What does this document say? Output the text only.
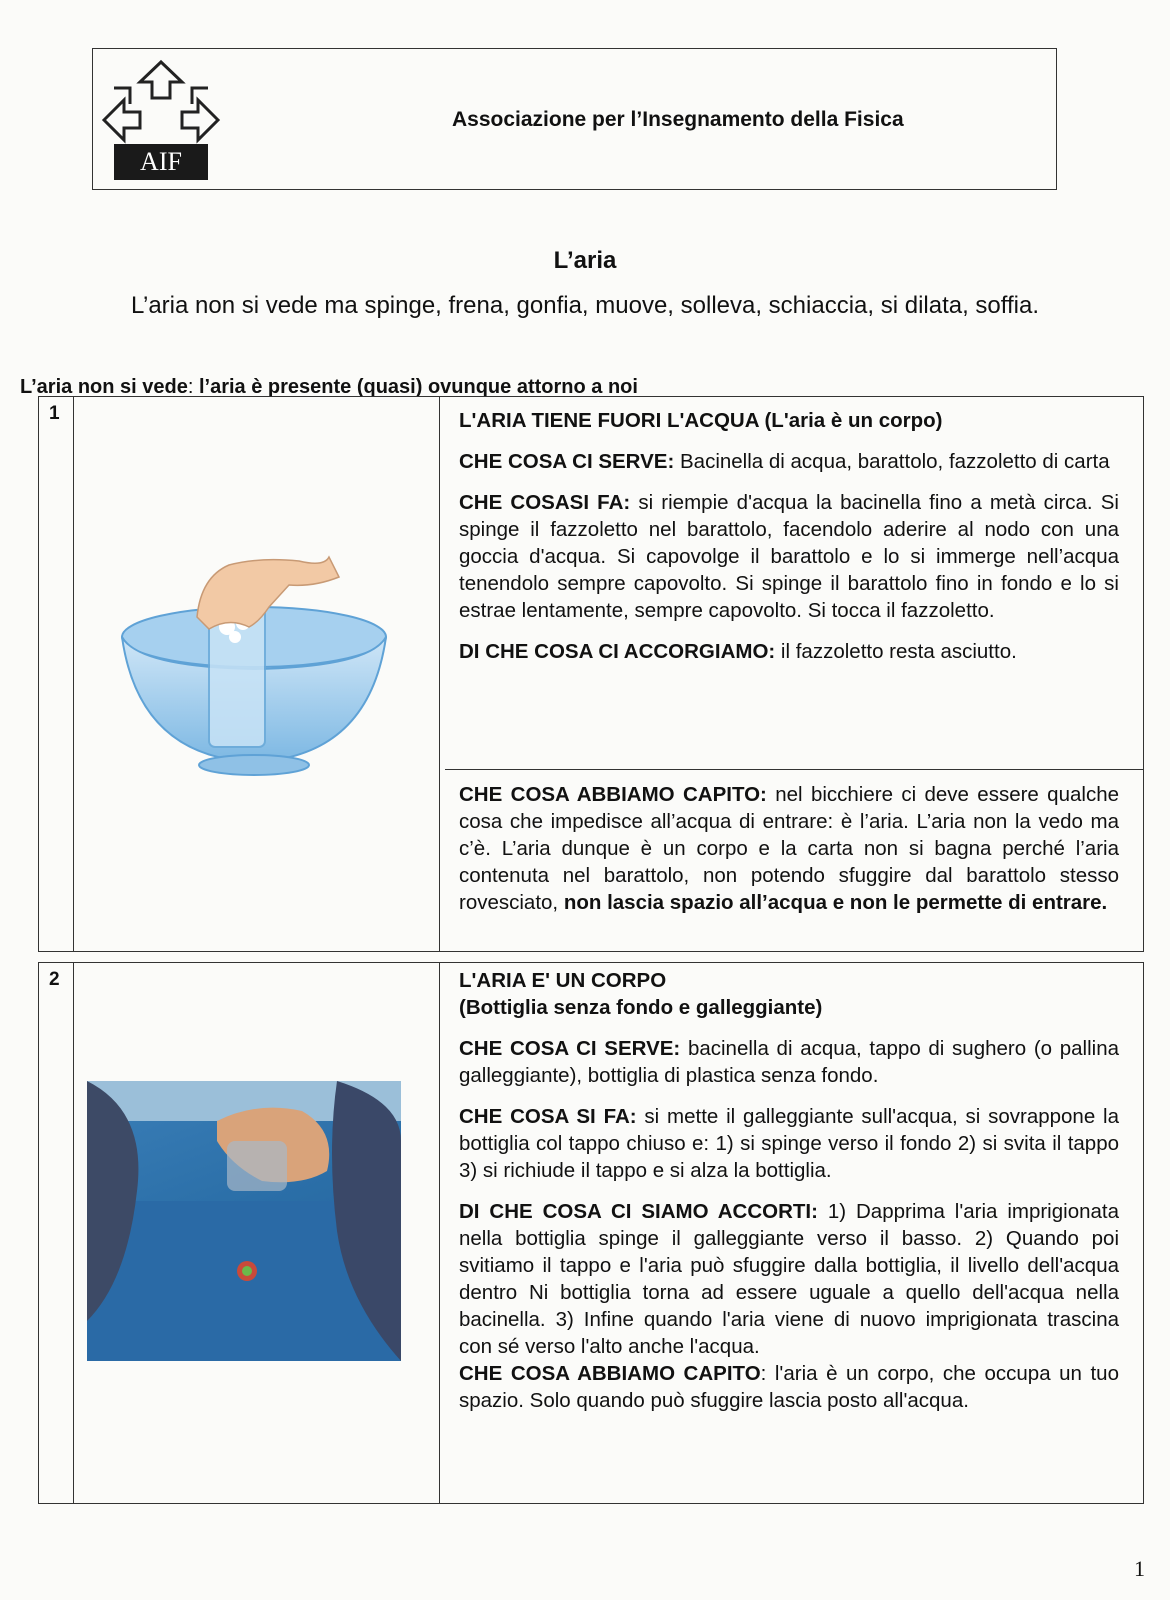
AIF
Associazione per l’Insegnamento della Fisica
L’aria
L’aria non si vede ma spinge, frena, gonfia, muove, solleva, schiaccia, si dilata, soffia.
L’aria non si vede: l’aria è presente (quasi) ovunque attorno a noi
1	L'ARIA TIENE FUORI L'ACQUA (L'aria è un corpo)

CHE COSA CI SERVE: Bacinella di acqua, barattolo, fazzoletto di carta

CHE COSASI FA: si riempie d'acqua la bacinella fino a metà circa. Si spinge il fazzoletto nel barattolo, facendolo aderire al nodo con una goccia d'acqua. Si capovolge il barattolo e lo si immerge nell’acqua tenendolo sempre capovolto. Si spinge il barattolo fino in fondo e lo si estrae lentamente, sempre capovolto. Si tocca il fazzoletto.

DI CHE COSA CI ACCORGIAMO: il fazzoletto resta asciutto.

CHE COSA ABBIAMO CAPITO: nel bicchiere ci deve essere qualche cosa che impedisce all’acqua di entrare: è l’aria. L’aria non la vedo ma c’è. L’aria dunque è un corpo e la carta non si bagna perché l’aria contenuta nel barattolo, non potendo sfuggire dal barattolo stesso rovesciato, non lascia spazio all’acqua e non le permette di entrare.

2	L'ARIA E' UN CORPO
(Bottiglia senza fondo e galleggiante)

CHE COSA CI SERVE: bacinella di acqua, tappo di sughero (o pallina galleggiante), bottiglia di plastica senza fondo.

CHE COSA SI FA: si mette il galleggiante sull'acqua, si sovrappone la bottiglia col tappo chiuso e: 1) si spinge verso il fondo 2) si svita il tappo 3) si richiude il tappo e si alza la bottiglia.

DI CHE COSA CI SIAMO ACCORTI: 1) Dapprima l'aria imprigionata nella bottiglia spinge il galleggiante verso il basso. 2) Quando poi svitiamo il tappo e l'aria può sfuggire dalla bottiglia, il livello dell'acqua dentro Ni bottiglia torna ad essere uguale a quello dell'acqua nella bacinella. 3) Infine quando l'aria viene di nuovo imprigionata trascina con sé verso l'alto anche l'acqua.

CHE COSA ABBIAMO CAPITO: l'aria è un corpo, che occupa un tuo spazio. Solo quando può sfuggire lascia posto all'acqua.

1
